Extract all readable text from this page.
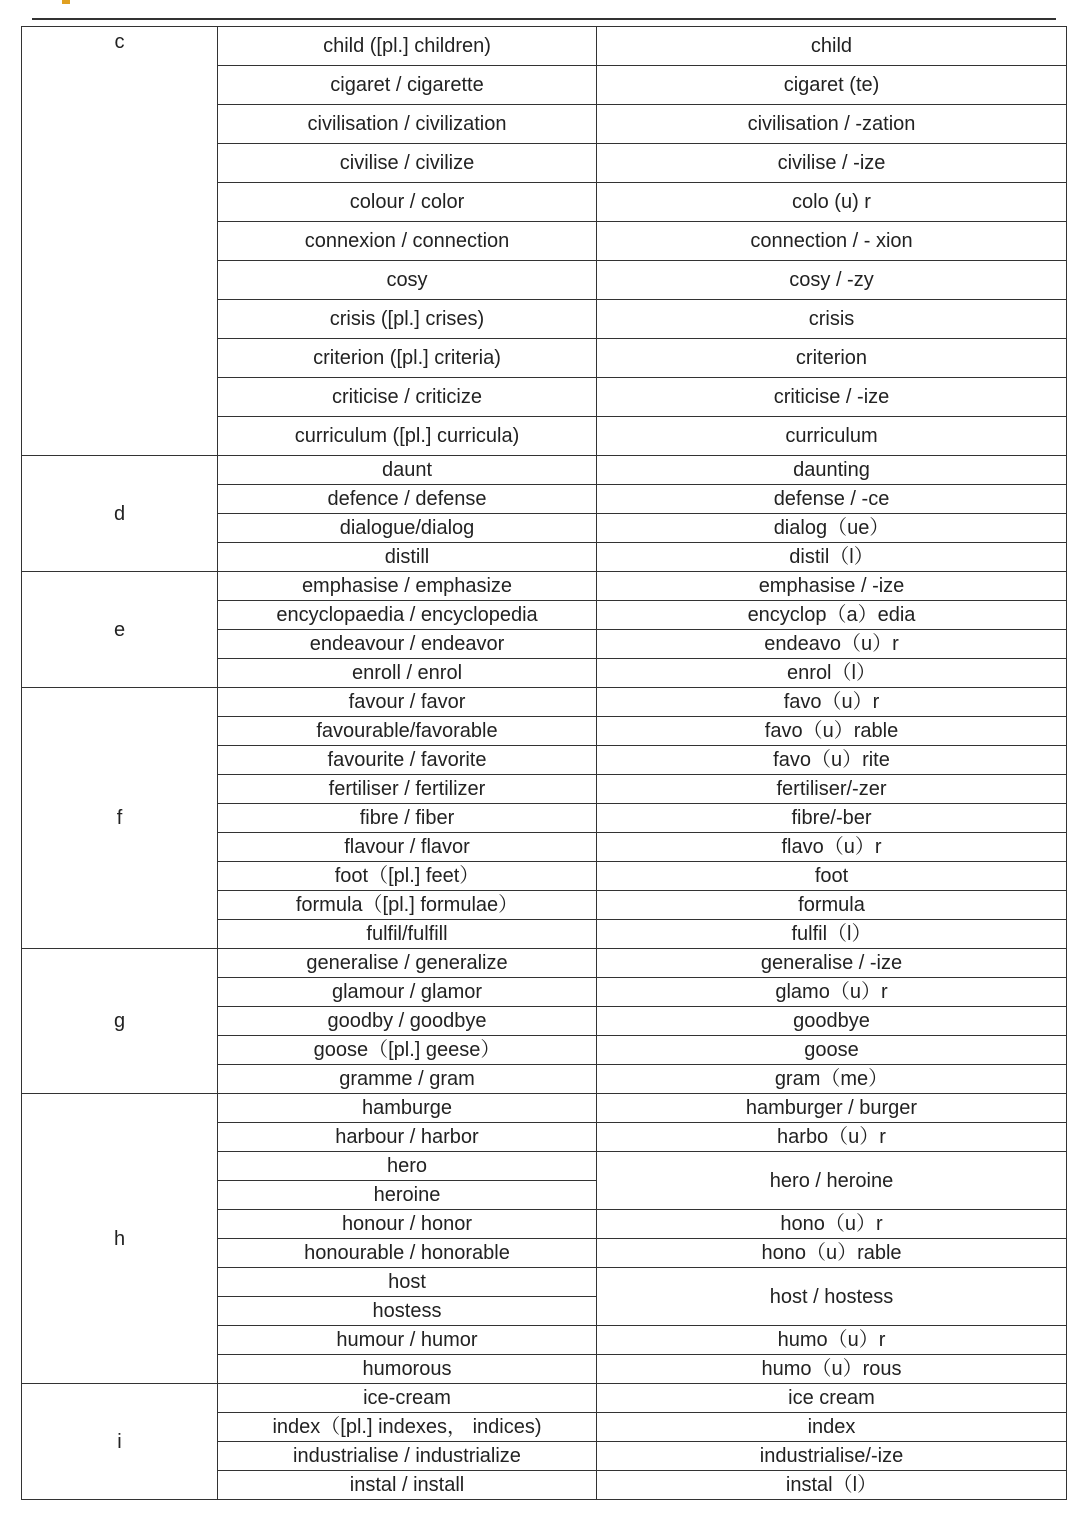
c	child ([pl.] children)	child
	cigaret / cigarette	cigaret (te)
	civilisation / civilization	civilisation / -zation
	civilise / civilize	civilise / -ize
	colour / color	colo (u) r
	connexion / connection	connection / - xion
	cosy	cosy / -zy
	crisis ([pl.] crises)	crisis
	criterion ([pl.] criteria)	criterion
	criticise / criticize	criticise / -ize
	curriculum ([pl.] curricula)	curriculum
d	daunt	daunting
	defence / defense	defense / -ce
	dialogue/dialog	dialog（ue）
	distill	distil（l）
e	emphasise / emphasize	emphasise / -ize
	encyclopaedia / encyclopedia	encyclop（a）edia
	endeavour / endeavor	endeavo（u）r
	enroll / enrol	enrol（l）
f	favour / favor	favo（u）r
	favourable/favorable	favo（u）rable
	favourite / favorite	favo（u）rite
	fertiliser / fertilizer	fertiliser/-zer
	fibre / fiber	fibre/-ber
	flavour / flavor	flavo（u）r
	foot（[pl.] feet）	foot
	formula（[pl.] formulae）	formula
	fulfil/fulfill	fulfil（l）
g	generalise / generalize	generalise / -ize
	glamour / glamor	glamo（u）r
	goodby / goodbye	goodbye
	goose（[pl.] geese）	goose
	gramme / gram	gram（me）
h	hamburge	hamburger / burger
	harbour / harbor	harbo（u）r
	hero	hero / heroine
	heroine	
	honour / honor	hono（u）r
	honourable / honorable	hono（u）rable
	host	host / hostess
	hostess	
	humour / humor	humo（u）r
	humorous	humo（u）rous
i	ice-cream	ice cream
	index（[pl.] indexes， indices)	index
	industrialise / industrialize	industrialise/-ize
	instal / install	instal（l）
